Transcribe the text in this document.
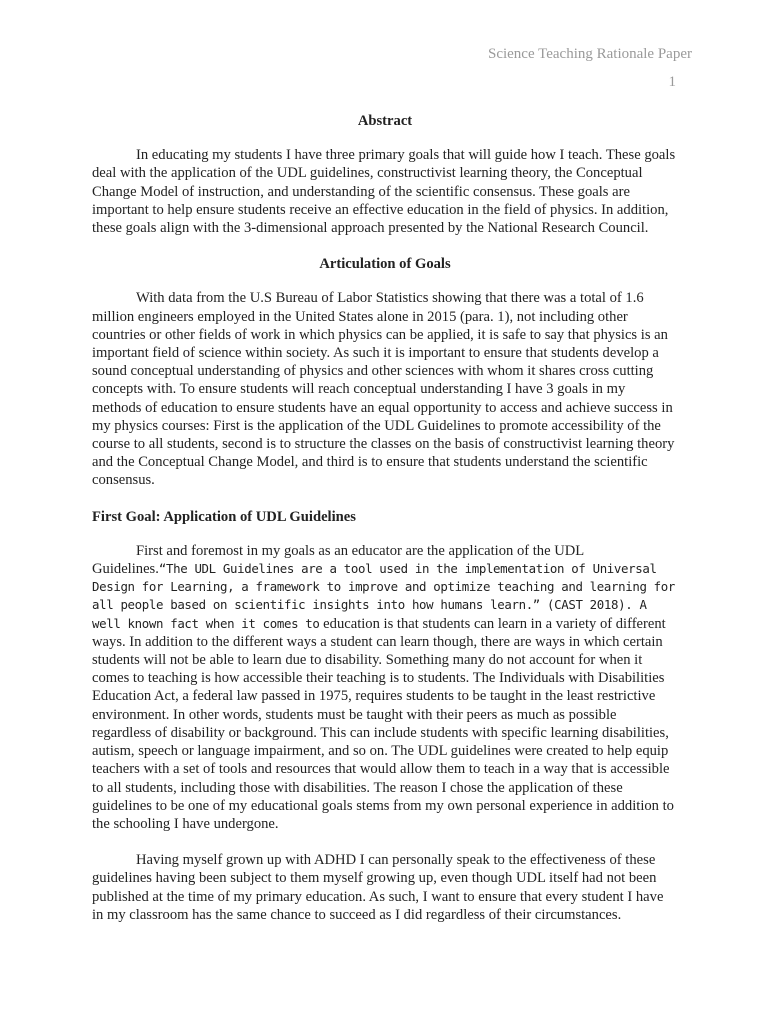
Science Teaching Rationale Paper
1
Abstract

In educating my students I have three primary goals that will guide how I teach. These goals deal with the application of the UDL guidelines, constructivist learning theory, the Conceptual Change Model of instruction, and understanding of the scientific consensus. These goals are important to help ensure students receive an effective education in the field of physics. In addition, these goals align with the 3-dimensional approach presented by the National Research Council.

Articulation of Goals

With data from the U.S Bureau of Labor Statistics showing that there was a total of 1.6 million engineers employed in the United States alone in 2015 (para. 1), not including other countries or other fields of work in which physics can be applied, it is safe to say that physics is an important field of science within society. As such it is important to ensure that students develop a sound conceptual understanding of physics and other sciences with whom it shares cross cutting concepts with. To ensure students will reach conceptual understanding I have 3 goals in my methods of education to ensure students have an equal opportunity to access and achieve success in my physics courses: First is the application of the UDL Guidelines to promote accessibility of the course to all students, second is to structure the classes on the basis of constructivist learning theory and the Conceptual Change Model, and third is to ensure that students understand the scientific consensus.

First Goal: Application of UDL Guidelines

First and foremost in my goals as an educator are the application of the UDL Guidelines.“The UDL Guidelines are a tool used in the implementation of Universal Design for Learning, a framework to improve and optimize teaching and learning for all people based on scientific insights into how humans learn.” (CAST 2018). A well known fact when it comes to education is that students can learn in a variety of different ways. In addition to the different ways a student can learn though, there are ways in which certain students will not be able to learn due to disability. Something many do not account for when it comes to teaching is how accessible their teaching is to students. The Individuals with Disabilities Education Act, a federal law passed in 1975, requires students to be taught in the least restrictive environment. In other words, students must be taught with their peers as much as possible regardless of disability or background. This can include students with specific learning disabilities, autism, speech or language impairment, and so on. The UDL guidelines were created to help equip teachers with a set of tools and resources that would allow them to teach in a way that is accessible to all students, including those with disabilities. The reason I chose the application of these guidelines to be one of my educational goals stems from my own personal experience in addition to the schooling I have undergone.

Having myself grown up with ADHD I can personally speak to the effectiveness of these guidelines having been subject to them myself growing up, even though UDL itself had not been published at the time of my primary education. As such, I want to ensure that every student I have in my classroom has the same chance to succeed as I did regardless of their circumstances.
